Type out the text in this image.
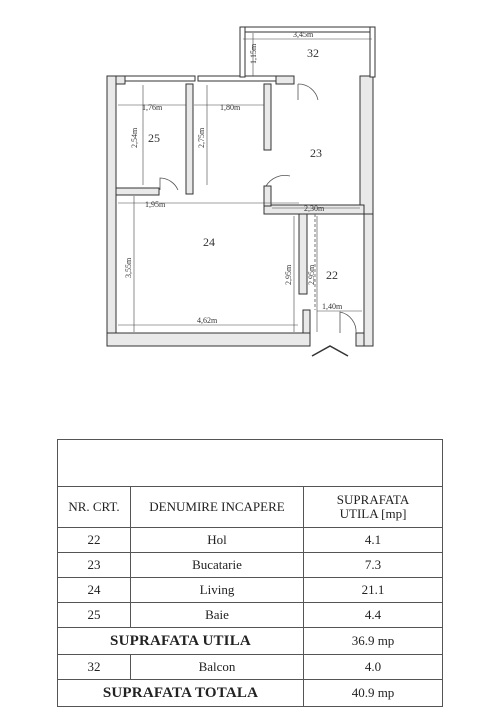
3,45m
1,15m
1,76m	1,80m
2,54m	2,75m
1,95m	2,30m
3,55m	2,95m 2,95m
1,40m
4,62m
32
25
23
24
22

NR. CRT.	DENUMIRE INCAPERE	SUPRAFATA
UTILA [mp]
22	Hol	4.1
23	Bucatarie	7.3
24	Living	21.1
25	Baie	4.4
SUPRAFATA UTILA		36.9 mp
32	Balcon	4.0
SUPRAFATA TOTALA		40.9 mp
